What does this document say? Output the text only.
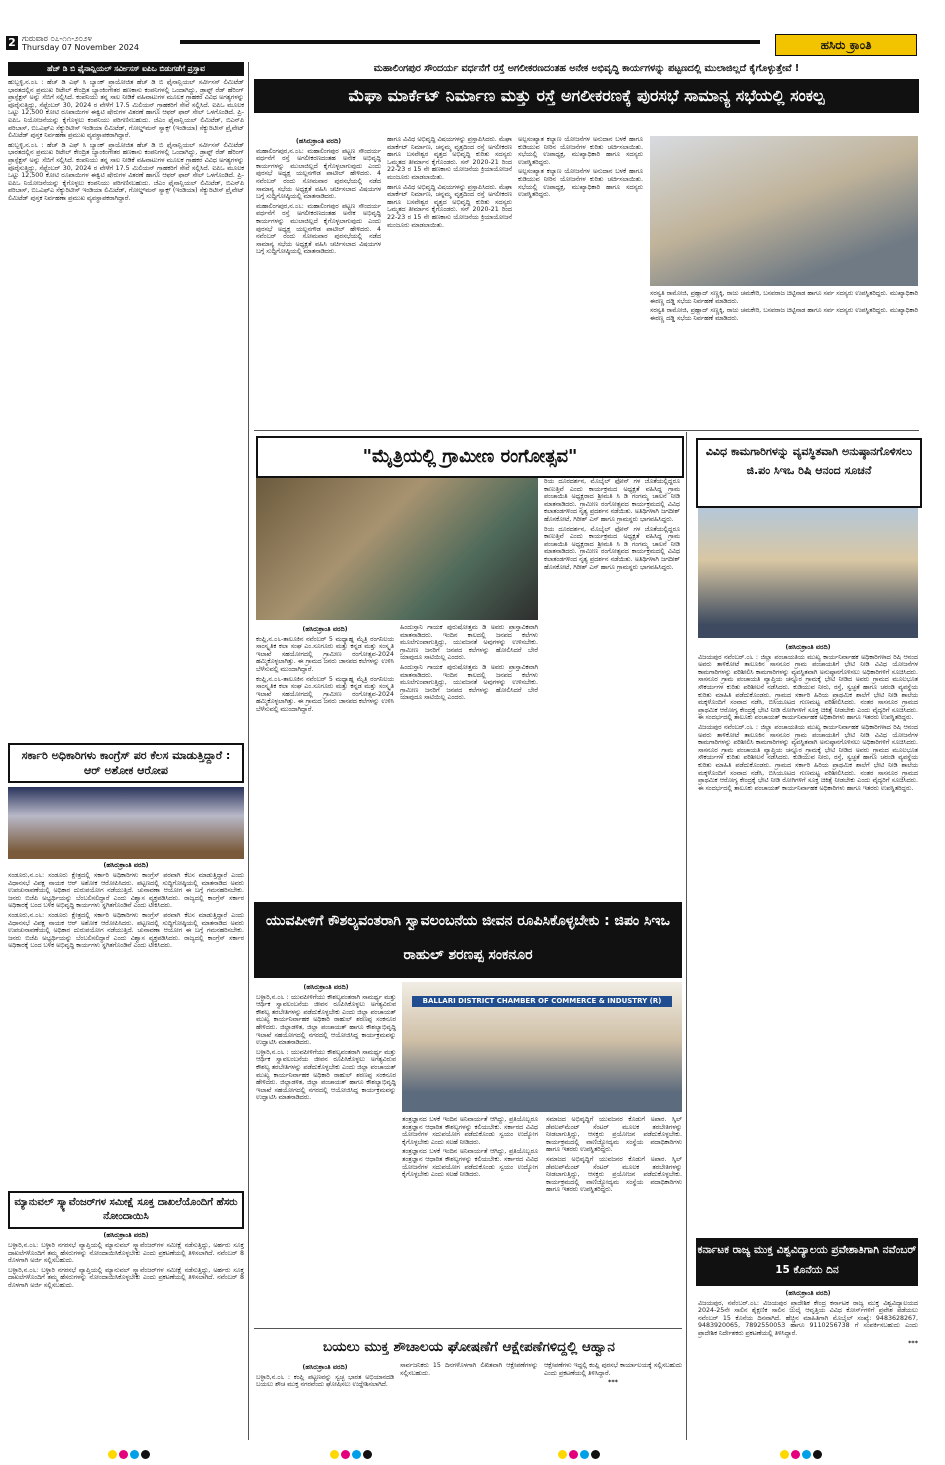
2 ಗುರುವಾರ ೦೭-೧೧-೨೦೨೪
Thursday 07 November 2024	ಹಸಿರು ಕ್ರಾಂತಿ
ಹೆಚ್ ಡಿ ಬಿ ಫೈನಾನ್ಷಿಯಲ್ ಸರ್ವೀಸಸ್ ಐಪಿಒ ಬಿಡುಗಡೆಗೆ ಪ್ರಸ್ತಾವ

ಹುಬ್ಬಳ್ಳಿ,ನ.೦೬ : ಹೆಚ್ ಡಿ ಎಫ್ ಸಿ ಬ್ಯಾಂಕ್ ಪ್ರಾಯೋಜಿತ ಹೆಚ್ ಡಿ ಬಿ ಫೈನಾನ್ಷಿಯಲ್ ಸರ್ವೀಸಸ್ ಲಿಮಿಟೆಡ್ ಭಾರತದಲ್ಲಿನ ಪ್ರಮುಖ ರಿಟೇಲ್ ಕೇಂದ್ರಿತ ಬ್ಯಾಂಕಿಂಗೇತರ ಹಣಕಾಸು ಕಂಪನಿಗಳಲ್ಲಿ ಒಂದಾಗಿದ್ದು, ಡ್ರಾಫ್ಟ್ ರೆಡ್ ಹೆರಿಂಗ್ ಪ್ರಾಸ್ಪೆಕ್ಟಸ್ ಅನ್ನು ಸೆಬಿಗೆ ಸಲ್ಲಿಸಿದೆ. ಕಂಪನಿಯು ತನ್ನ ಸಾಲ ನೀಡಿಕೆ ವಹಿವಾಟುಗಳ ಮೂಲಕ ಗ್ರಾಹಕರ ವಿವಿಧ ಅಗತ್ಯಗಳನ್ನು ಪೂರೈಸುತ್ತಿದ್ದು, ಸೆಪ್ಟೆಂಬರ್ 30, 2024 ರ ವೇಳೆಗೆ 17.5 ಮಿಲಿಯನ್ ಗ್ರಾಹಕರಿಗೆ ಸೇವೆ ಸಲ್ಲಿಸಿದೆ. ಐಪಿಒ ಮೂಲಕ ಒಟ್ಟು 12,500 ಕೋಟಿ ರೂಪಾಯಿಗಳ ಈಕ್ವಿಟಿ ಷೇರುಗಳ ವಿತರಣೆ ಹಾಗೂ ಆಫರ್ ಫಾರ್ ಸೇಲ್ ಒಳಗೊಂಡಿದೆ. ಪ್ರಿ-ಐಪಿಒ ನಿಯೋಜನೆಯನ್ನು ಕೈಗೊಳ್ಳಲು ಕಂಪನಿಯು ಪರಿಗಣಿಸಬಹುದು. ಜೆಎಂ ಫೈನಾನ್ಷಿಯಲ್ ಲಿಮಿಟೆಡ್, ಬಿಎನ್‌ಪಿ ಪರಿಬಾಸ್, ಬಿಒಎಫ್‌ಎ ಸೆಕ್ಯುರಿಟೀಸ್ ಇಂಡಿಯಾ ಲಿಮಿಟೆಡ್, ಗೋಲ್ಡ್‌ಮನ್ ಸ್ಯಾಕ್ಸ್ (ಇಂಡಿಯಾ) ಸೆಕ್ಯುರಿಟೀಸ್ ಪ್ರೈವೇಟ್ ಲಿಮಿಟೆಡ್ ಪುಸ್ತಕ ನಿರ್ವಹಣಾ ಪ್ರಮುಖ ವ್ಯವಸ್ಥಾಪಕರಾಗಿದ್ದಾರೆ.

ಹುಬ್ಬಳ್ಳಿ,ನ.೦೬ : ಹೆಚ್ ಡಿ ಎಫ್ ಸಿ ಬ್ಯಾಂಕ್ ಪ್ರಾಯೋಜಿತ ಹೆಚ್ ಡಿ ಬಿ ಫೈನಾನ್ಷಿಯಲ್ ಸರ್ವೀಸಸ್ ಲಿಮಿಟೆಡ್ ಭಾರತದಲ್ಲಿನ ಪ್ರಮುಖ ರಿಟೇಲ್ ಕೇಂದ್ರಿತ ಬ್ಯಾಂಕಿಂಗೇತರ ಹಣಕಾಸು ಕಂಪನಿಗಳಲ್ಲಿ ಒಂದಾಗಿದ್ದು, ಡ್ರಾಫ್ಟ್ ರೆಡ್ ಹೆರಿಂಗ್ ಪ್ರಾಸ್ಪೆಕ್ಟಸ್ ಅನ್ನು ಸೆಬಿಗೆ ಸಲ್ಲಿಸಿದೆ. ಕಂಪನಿಯು ತನ್ನ ಸಾಲ ನೀಡಿಕೆ ವಹಿವಾಟುಗಳ ಮೂಲಕ ಗ್ರಾಹಕರ ವಿವಿಧ ಅಗತ್ಯಗಳನ್ನು ಪೂರೈಸುತ್ತಿದ್ದು, ಸೆಪ್ಟೆಂಬರ್ 30, 2024 ರ ವೇಳೆಗೆ 17.5 ಮಿಲಿಯನ್ ಗ್ರಾಹಕರಿಗೆ ಸೇವೆ ಸಲ್ಲಿಸಿದೆ. ಐಪಿಒ ಮೂಲಕ ಒಟ್ಟು 12,500 ಕೋಟಿ ರೂಪಾಯಿಗಳ ಈಕ್ವಿಟಿ ಷೇರುಗಳ ವಿತರಣೆ ಹಾಗೂ ಆಫರ್ ಫಾರ್ ಸೇಲ್ ಒಳಗೊಂಡಿದೆ. ಪ್ರಿ-ಐಪಿಒ ನಿಯೋಜನೆಯನ್ನು ಕೈಗೊಳ್ಳಲು ಕಂಪನಿಯು ಪರಿಗಣಿಸಬಹುದು. ಜೆಎಂ ಫೈನಾನ್ಷಿಯಲ್ ಲಿಮಿಟೆಡ್, ಬಿಎನ್‌ಪಿ ಪರಿಬಾಸ್, ಬಿಒಎಫ್‌ಎ ಸೆಕ್ಯುರಿಟೀಸ್ ಇಂಡಿಯಾ ಲಿಮಿಟೆಡ್, ಗೋಲ್ಡ್‌ಮನ್ ಸ್ಯಾಕ್ಸ್ (ಇಂಡಿಯಾ) ಸೆಕ್ಯುರಿಟೀಸ್ ಪ್ರೈವೇಟ್ ಲಿಮಿಟೆಡ್ ಪುಸ್ತಕ ನಿರ್ವಹಣಾ ಪ್ರಮುಖ ವ್ಯವಸ್ಥಾಪಕರಾಗಿದ್ದಾರೆ.

ಸರ್ಕಾರಿ ಅಧಿಕಾರಿಗಳು ಕಾಂಗ್ರೆಸ್ ಪರ ಕೆಲಸ ಮಾಡುತ್ತಿದ್ದಾರೆ : ಆರ್ ಅಶೋಕ ಆರೋಪ
(ಹಸಿರುಕ್ರಾಂತಿ ವರದಿ)

ಸಂಡೂರು,ನ.೦೬: ಸಂಡೂರು ಕ್ಷೇತ್ರದಲ್ಲಿ ಸರ್ಕಾರಿ ಅಧಿಕಾರಿಗಳು ಕಾಂಗ್ರೆಸ್ ಪರವಾಗಿ ಕೆಲಸ ಮಾಡುತ್ತಿದ್ದಾರೆ ಎಂದು ವಿಧಾನಸಭೆ ವಿಪಕ್ಷ ನಾಯಕ ಆರ್ ಅಶೋಕ ಆರೋಪಿಸಿದರು. ಪಟ್ಟಣದಲ್ಲಿ ಸುದ್ದಿಗೋಷ್ಠಿಯಲ್ಲಿ ಮಾತನಾಡಿದ ಅವರು ಉಪಚುನಾವಣೆಯಲ್ಲಿ ಅಧಿಕಾರ ದುರುಪಯೋಗ ನಡೆಯುತ್ತಿದೆ. ಚುನಾವಣಾ ಆಯೋಗ ಈ ಬಗ್ಗೆ ಗಮನಹರಿಸಬೇಕು. ಜನರು ಬಿಜೆಪಿ ಅಭ್ಯರ್ಥಿಯನ್ನು ಬೆಂಬಲಿಸಲಿದ್ದಾರೆ ಎಂದು ವಿಶ್ವಾಸ ವ್ಯಕ್ತಪಡಿಸಿದರು. ರಾಜ್ಯದಲ್ಲಿ ಕಾಂಗ್ರೆಸ್ ಸರ್ಕಾರ ಅಧಿಕಾರಕ್ಕೆ ಬಂದ ಬಳಿಕ ಅಭಿವೃದ್ಧಿ ಕಾರ್ಯಗಳು ಸ್ಥಗಿತಗೊಂಡಿವೆ ಎಂದು ಟೀಕಿಸಿದರು.

ಸಂಡೂರು,ನ.೦೬: ಸಂಡೂರು ಕ್ಷೇತ್ರದಲ್ಲಿ ಸರ್ಕಾರಿ ಅಧಿಕಾರಿಗಳು ಕಾಂಗ್ರೆಸ್ ಪರವಾಗಿ ಕೆಲಸ ಮಾಡುತ್ತಿದ್ದಾರೆ ಎಂದು ವಿಧಾನಸಭೆ ವಿಪಕ್ಷ ನಾಯಕ ಆರ್ ಅಶೋಕ ಆರೋಪಿಸಿದರು. ಪಟ್ಟಣದಲ್ಲಿ ಸುದ್ದಿಗೋಷ್ಠಿಯಲ್ಲಿ ಮಾತನಾಡಿದ ಅವರು ಉಪಚುನಾವಣೆಯಲ್ಲಿ ಅಧಿಕಾರ ದುರುಪಯೋಗ ನಡೆಯುತ್ತಿದೆ. ಚುನಾವಣಾ ಆಯೋಗ ಈ ಬಗ್ಗೆ ಗಮನಹರಿಸಬೇಕು. ಜನರು ಬಿಜೆಪಿ ಅಭ್ಯರ್ಥಿಯನ್ನು ಬೆಂಬಲಿಸಲಿದ್ದಾರೆ ಎಂದು ವಿಶ್ವಾಸ ವ್ಯಕ್ತಪಡಿಸಿದರು. ರಾಜ್ಯದಲ್ಲಿ ಕಾಂಗ್ರೆಸ್ ಸರ್ಕಾರ ಅಧಿಕಾರಕ್ಕೆ ಬಂದ ಬಳಿಕ ಅಭಿವೃದ್ಧಿ ಕಾರ್ಯಗಳು ಸ್ಥಗಿತಗೊಂಡಿವೆ ಎಂದು ಟೀಕಿಸಿದರು.

ಮ್ಯಾನುವಲ್ ಸ್ಕ್ಯಾವೆಂಜರ್‌ಗಳ ಸಮೀಕ್ಷೆ ಸೂಕ್ತ ದಾಖಲೆಯೊಂದಿಗೆ ಹೆಸರು ನೋಂದಾಯಿಸಿ
(ಹಸಿರುಕ್ರಾಂತಿ ವರದಿ)

ಬಳ್ಳಾರಿ,ನ.೦೬: ಬಳ್ಳಾರಿ ನಗರಸಭೆ ವ್ಯಾಪ್ತಿಯಲ್ಲಿ ಮ್ಯಾನುವಲ್ ಸ್ಕ್ಯಾವೆಂಜರ್‌ಗಳ ಸಮೀಕ್ಷೆ ನಡೆಸುತ್ತಿದ್ದು, ಅರ್ಹರು ಸೂಕ್ತ ದಾಖಲೆಗಳೊಂದಿಗೆ ತಮ್ಮ ಹೆಸರುಗಳನ್ನು ನೋಂದಾಯಿಸಿಕೊಳ್ಳಬೇಕು ಎಂದು ಪ್ರಕಟಣೆಯಲ್ಲಿ ತಿಳಿಸಲಾಗಿದೆ. ನವೆಂಬರ್ 8 ರೊಳಗಾಗಿ ಅರ್ಜಿ ಸಲ್ಲಿಸಬಹುದು.

ಬಳ್ಳಾರಿ,ನ.೦೬: ಬಳ್ಳಾರಿ ನಗರಸಭೆ ವ್ಯಾಪ್ತಿಯಲ್ಲಿ ಮ್ಯಾನುವಲ್ ಸ್ಕ್ಯಾವೆಂಜರ್‌ಗಳ ಸಮೀಕ್ಷೆ ನಡೆಸುತ್ತಿದ್ದು, ಅರ್ಹರು ಸೂಕ್ತ ದಾಖಲೆಗಳೊಂದಿಗೆ ತಮ್ಮ ಹೆಸರುಗಳನ್ನು ನೋಂದಾಯಿಸಿಕೊಳ್ಳಬೇಕು ಎಂದು ಪ್ರಕಟಣೆಯಲ್ಲಿ ತಿಳಿಸಲಾಗಿದೆ. ನವೆಂಬರ್ 8 ರೊಳಗಾಗಿ ಅರ್ಜಿ ಸಲ್ಲಿಸಬಹುದು.

ಮಹಾಲಿಂಗಪುರ ಸೌಂದರ್ಯ ವರ್ಧನೆಗೆ ರಸ್ತೆ ಅಗಲೀಕರಣದಂತಹ ಅನೇಕ ಅಭಿವೃದ್ಧಿ ಕಾರ್ಯಗಳನ್ನು ಪಟ್ಟಣದಲ್ಲಿ ಮುಲಾಜಿಲ್ಲದೆ ಕೈಗೊಳ್ಳುತ್ತೇವೆ !
ಮೆಘಾ ಮಾರ್ಕೆಟ್ ನಿರ್ಮಾಣ ಮತ್ತು ರಸ್ತೆ ಅಗಲೀಕರಣಕ್ಕೆ ಪುರಸಭೆ ಸಾಮಾನ್ಯ ಸಭೆಯಲ್ಲಿ ಸಂಕಲ್ಪ
(ಹಸಿರುಕ್ರಾಂತಿ ವರದಿ)

ಮಹಾಲಿಂಗಪುರ,ನ.೦೬: ಮಹಾಲಿಂಗಪುರ ಪಟ್ಟಣ ಸೌಂದರ್ಯ ವರ್ಧನೆಗೆ ರಸ್ತೆ ಅಗಲೀಕರಣದಂತಹ ಅನೇಕ ಅಭಿವೃದ್ಧಿ ಕಾರ್ಯಗಳನ್ನು ಮುಲಾಜಿಲ್ಲದೆ ಕೈಗೊಳ್ಳಲಾಗುವುದು ಎಂದು ಪುರಸಭೆ ಅಧ್ಯಕ್ಷ ಯಲ್ಲನಗೌಡ ಪಾಟೀಲ್ ಹೇಳಿದರು. 4 ನವೆಂಬರ್ ರಂದು ಸೋಮವಾರ ಪುರಸಭೆಯಲ್ಲಿ ನಡೆದ ಸಾಮಾನ್ಯ ಸಭೆಯ ಅಧ್ಯಕ್ಷತೆ ವಹಿಸಿ ಚರ್ಚಿಸಲಾದ ವಿಷಯಗಳ ಬಗ್ಗೆ ಸುದ್ದಿಗೋಷ್ಠಿಯಲ್ಲಿ ಮಾತನಾಡಿದರು.

ಮಹಾಲಿಂಗಪುರ,ನ.೦೬: ಮಹಾಲಿಂಗಪುರ ಪಟ್ಟಣ ಸೌಂದರ್ಯ ವರ್ಧನೆಗೆ ರಸ್ತೆ ಅಗಲೀಕರಣದಂತಹ ಅನೇಕ ಅಭಿವೃದ್ಧಿ ಕಾರ್ಯಗಳನ್ನು ಮುಲಾಜಿಲ್ಲದೆ ಕೈಗೊಳ್ಳಲಾಗುವುದು ಎಂದು ಪುರಸಭೆ ಅಧ್ಯಕ್ಷ ಯಲ್ಲನಗೌಡ ಪಾಟೀಲ್ ಹೇಳಿದರು. 4 ನವೆಂಬರ್ ರಂದು ಸೋಮವಾರ ಪುರಸಭೆಯಲ್ಲಿ ನಡೆದ ಸಾಮಾನ್ಯ ಸಭೆಯ ಅಧ್ಯಕ್ಷತೆ ವಹಿಸಿ ಚರ್ಚಿಸಲಾದ ವಿಷಯಗಳ ಬಗ್ಗೆ ಸುದ್ದಿಗೋಷ್ಠಿಯಲ್ಲಿ ಮಾತನಾಡಿದರು.

ಹಾಗೂ ವಿವಿಧ ಅಭಿವೃದ್ಧಿ ವಿಷಯಗಳನ್ನು ಪ್ರಸ್ತಾಪಿಸಿದರು. ಮೆಘಾ ಮಾರ್ಕೆಟ್ ನಿರ್ಮಾಣ, ಚನ್ನಮ್ಮ ವೃತ್ತದಿಂದ ರಸ್ತೆ ಅಗಲೀಕರಣ ಹಾಗೂ ಬಸವೇಶ್ವರ ವೃತ್ತದ ಅಭಿವೃದ್ಧಿ ಕುರಿತು ಸದಸ್ಯರು ಒಮ್ಮತದ ತೀರ್ಮಾನ ಕೈಗೊಂಡರು. ಸನ್ 2020-21 ರಿಂದ 22-23 ರ 15 ನೇ ಹಣಕಾಸು ಯೋಜನೆಯ ಕ್ರಿಯಾಯೋಜನೆ ಮಂಜೂರು ಮಾಡಲಾಯಿತು.

ಹಾಗೂ ವಿವಿಧ ಅಭಿವೃದ್ಧಿ ವಿಷಯಗಳನ್ನು ಪ್ರಸ್ತಾಪಿಸಿದರು. ಮೆಘಾ ಮಾರ್ಕೆಟ್ ನಿರ್ಮಾಣ, ಚನ್ನಮ್ಮ ವೃತ್ತದಿಂದ ರಸ್ತೆ ಅಗಲೀಕರಣ ಹಾಗೂ ಬಸವೇಶ್ವರ ವೃತ್ತದ ಅಭಿವೃದ್ಧಿ ಕುರಿತು ಸದಸ್ಯರು ಒಮ್ಮತದ ತೀರ್ಮಾನ ಕೈಗೊಂಡರು. ಸನ್ 2020-21 ರಿಂದ 22-23 ರ 15 ನೇ ಹಣಕಾಸು ಯೋಜನೆಯ ಕ್ರಿಯಾಯೋಜನೆ ಮಂಜೂರು ಮಾಡಲಾಯಿತು.

ಅಲ್ಪಸಂಖ್ಯಾತ ಕಲ್ಯಾಣ ಯೋಜನೆಗಳ ಅನುದಾನ ಬಳಕೆ ಹಾಗೂ ಕುಡಿಯುವ ನೀರಿನ ಯೋಜನೆಗಳ ಕುರಿತು ಚರ್ಚಿಸಲಾಯಿತು. ಸಭೆಯಲ್ಲಿ ಉಪಾಧ್ಯಕ್ಷ, ಮುಖ್ಯಾಧಿಕಾರಿ ಹಾಗೂ ಸದಸ್ಯರು ಉಪಸ್ಥಿತರಿದ್ದರು.

ಅಲ್ಪಸಂಖ್ಯಾತ ಕಲ್ಯಾಣ ಯೋಜನೆಗಳ ಅನುದಾನ ಬಳಕೆ ಹಾಗೂ ಕುಡಿಯುವ ನೀರಿನ ಯೋಜನೆಗಳ ಕುರಿತು ಚರ್ಚಿಸಲಾಯಿತು. ಸಭೆಯಲ್ಲಿ ಉಪಾಧ್ಯಕ್ಷ, ಮುಖ್ಯಾಧಿಕಾರಿ ಹಾಗೂ ಸದಸ್ಯರು ಉಪಸ್ಥಿತರಿದ್ದರು.

ಸರಸ್ವತಿ ರಾಮೋಜಿ, ಪ್ರಹ್ಲಾದ್ ಸಣ್ಣಕ್ಕಿ, ರಾಜು ಚಮಕೇರಿ, ಬಸವರಾಜ ಚಿಟ್ಟಿನಾಡ ಹಾಗೂ ಸರ್ವ ಸದಸ್ಯರು ಉಪಸ್ಥಿತರಿದ್ದರು. ಮುಖ್ಯಾಧಿಕಾರಿ ಈರಣ್ಣ ದಡ್ಡಿ ಸಭೆಯ ನಿರ್ವಹಣೆ ಮಾಡಿದರು.

ಸರಸ್ವತಿ ರಾಮೋಜಿ, ಪ್ರಹ್ಲಾದ್ ಸಣ್ಣಕ್ಕಿ, ರಾಜು ಚಮಕೇರಿ, ಬಸವರಾಜ ಚಿಟ್ಟಿನಾಡ ಹಾಗೂ ಸರ್ವ ಸದಸ್ಯರು ಉಪಸ್ಥಿತರಿದ್ದರು. ಮುಖ್ಯಾಧಿಕಾರಿ ಈರಣ್ಣ ದಡ್ಡಿ ಸಭೆಯ ನಿರ್ವಹಣೆ ಮಾಡಿದರು.

"ಮೈತ್ರಿಯಲ್ಲಿ ಗ್ರಾಮೀಣ ರಂಗೋತ್ಸವ"

ರಿಯ ದೂರದರ್ಶನ, ಮೊಬೈಲ್ ಫೋನ್ ಗಳ ಜೊತೆಯಲ್ಲಿದ್ದರೂ ಕಾಣುತ್ತಿವೆ ಎಂದು ಕಾರ್ಯಕ್ರಮದ ಅಧ್ಯಕ್ಷತೆ ವಹಿಸಿದ್ದ ಗ್ರಾಮ ಪಂಚಾಯಿತಿ ಅಧ್ಯಕ್ಷರಾದ ಶ್ರೀಮತಿ ಸಿ ಡಿ ಗಂಗಮ್ಮ ಚಾಲನೆ ನೀಡಿ ಮಾತನಾಡಿದರು. ಗ್ರಾಮೀಣ ರಂಗೋತ್ಸವದ ಕಾರ್ಯಕ್ರಮದಲ್ಲಿ ವಿವಿಧ ಕಲಾತಂಡಗಳಿಂದ ನೃತ್ಯ ಪ್ರದರ್ಶನ ನಡೆಯಿತು. ಅತಿಥಿಗಳಾಗಿ ಜಗದೀಶ್ ಹೊಸಕೋಟೆ, ಗಿರೀಶ್ ಎಸ್ ಹಾಗೂ ಗ್ರಾಮಸ್ಥರು ಭಾಗವಹಿಸಿದ್ದರು.

ರಿಯ ದೂರದರ್ಶನ, ಮೊಬೈಲ್ ಫೋನ್ ಗಳ ಜೊತೆಯಲ್ಲಿದ್ದರೂ ಕಾಣುತ್ತಿವೆ ಎಂದು ಕಾರ್ಯಕ್ರಮದ ಅಧ್ಯಕ್ಷತೆ ವಹಿಸಿದ್ದ ಗ್ರಾಮ ಪಂಚಾಯಿತಿ ಅಧ್ಯಕ್ಷರಾದ ಶ್ರೀಮತಿ ಸಿ ಡಿ ಗಂಗಮ್ಮ ಚಾಲನೆ ನೀಡಿ ಮಾತನಾಡಿದರು. ಗ್ರಾಮೀಣ ರಂಗೋತ್ಸವದ ಕಾರ್ಯಕ್ರಮದಲ್ಲಿ ವಿವಿಧ ಕಲಾತಂಡಗಳಿಂದ ನೃತ್ಯ ಪ್ರದರ್ಶನ ನಡೆಯಿತು. ಅತಿಥಿಗಳಾಗಿ ಜಗದೀಶ್ ಹೊಸಕೋಟೆ, ಗಿರೀಶ್ ಎಸ್ ಹಾಗೂ ಗ್ರಾಮಸ್ಥರು ಭಾಗವಹಿಸಿದ್ದರು.

(ಹಸಿರುಕ್ರಾಂತಿ ವರದಿ)

ಕಂಪ್ಲಿ,ನ.೦೬-ತಾಲೂಕಿನ ನವೆಂಬರ್ 5 ಮಧ್ಯಾಹ್ನ ಮೈತ್ರಿ ರಂಗನಿಲಯ ಸಾಂಸ್ಕೃತಿಕ ಕಲಾ ಸಂಘ ಎಂ.ಸೂಗೂರು ಮತ್ತು ಕನ್ನಡ ಮತ್ತು ಸಂಸ್ಕೃತಿ ಇಲಾಖೆ ಸಹಯೋಗದಲ್ಲಿ ಗ್ರಾಮೀಣ ರಂಗೋತ್ಸವ-2024 ಹಮ್ಮಿಕೊಳ್ಳಲಾಗಿತ್ತು. ಈ ಗ್ರಾಮದ ಜನರು ಜಾನಪದ ಕಲೆಗಳನ್ನು ಉಳಿಸಿ ಬೆಳೆಸುವಲ್ಲಿ ಮುಂದಾಗಿದ್ದಾರೆ.

ಕಂಪ್ಲಿ,ನ.೦೬-ತಾಲೂಕಿನ ನವೆಂಬರ್ 5 ಮಧ್ಯಾಹ್ನ ಮೈತ್ರಿ ರಂಗನಿಲಯ ಸಾಂಸ್ಕೃತಿಕ ಕಲಾ ಸಂಘ ಎಂ.ಸೂಗೂರು ಮತ್ತು ಕನ್ನಡ ಮತ್ತು ಸಂಸ್ಕೃತಿ ಇಲಾಖೆ ಸಹಯೋಗದಲ್ಲಿ ಗ್ರಾಮೀಣ ರಂಗೋತ್ಸವ-2024 ಹಮ್ಮಿಕೊಳ್ಳಲಾಗಿತ್ತು. ಈ ಗ್ರಾಮದ ಜನರು ಜಾನಪದ ಕಲೆಗಳನ್ನು ಉಳಿಸಿ ಬೆಳೆಸುವಲ್ಲಿ ಮುಂದಾಗಿದ್ದಾರೆ.

ಹಿಂದುಸ್ತಾನಿ ಗಾಯಕ ಪುರುಷೋತ್ತಮ ಡಿ ಅವರು ಪ್ರಾಸ್ತಾವಿಕವಾಗಿ ಮಾತನಾಡಿದರು. ಇಂದಿನ ಕಾಲದಲ್ಲಿ ಜನಪದ ಕಲೆಗಳು ಮೂಲೆಗುಂಪಾಗುತ್ತಿದ್ದು, ಯುವಜನತೆ ಅವುಗಳನ್ನು ಉಳಿಸಬೇಕು. ಗ್ರಾಮೀಣ ಜನರಿಗೆ ಜನಪದ ಕಲೆಗಳನ್ನು ಹೋಲಿಸಿದರೆ ಬೇರೆ ಯಾವುದೂ ಸಾಟಿಯಿಲ್ಲ ಎಂದರು.

ಹಿಂದುಸ್ತಾನಿ ಗಾಯಕ ಪುರುಷೋತ್ತಮ ಡಿ ಅವರು ಪ್ರಾಸ್ತಾವಿಕವಾಗಿ ಮಾತನಾಡಿದರು. ಇಂದಿನ ಕಾಲದಲ್ಲಿ ಜನಪದ ಕಲೆಗಳು ಮೂಲೆಗುಂಪಾಗುತ್ತಿದ್ದು, ಯುವಜನತೆ ಅವುಗಳನ್ನು ಉಳಿಸಬೇಕು. ಗ್ರಾಮೀಣ ಜನರಿಗೆ ಜನಪದ ಕಲೆಗಳನ್ನು ಹೋಲಿಸಿದರೆ ಬೇರೆ ಯಾವುದೂ ಸಾಟಿಯಿಲ್ಲ ಎಂದರು.

ಯುವಪೀಳಿಗೆ ಕೌಶಲ್ಯವಂತರಾಗಿ ಸ್ವಾವಲಂಬನೆಯ ಜೀವನ ರೂಪಿಸಿಕೊಳ್ಳಬೇಕು : ಜಿಪಂ ಸಿಇಒ ರಾಹುಲ್ ಶರಣಪ್ಪ ಸಂಕನೂರ
(ಹಸಿರುಕ್ರಾಂತಿ ವರದಿ)

ಬಳ್ಳಾರಿ,ನ.೦೬ : ಯುವಪೀಳಿಗೆಯು ಕೌಶಲ್ಯವಂತರಾಗಿ ಸಾಮರ್ಥ್ಯ ಮತ್ತು ಆರ್ಥಿಕ ಸ್ವಾವಲಂಬನೆಯ ಜೀವನ ರೂಪಿಸಿಕೊಳ್ಳಲು ಅಗತ್ಯವಿರುವ ಕೌಶಲ್ಯ ತರಬೇತಿಗಳನ್ನು ಪಡೆದುಕೊಳ್ಳಬೇಕು ಎಂದು ಜಿಲ್ಲಾ ಪಂಚಾಯತ್ ಮುಖ್ಯ ಕಾರ್ಯನಿರ್ವಾಹಕ ಅಧಿಕಾರಿ ರಾಹುಲ್ ಶರಣಪ್ಪ ಸಂಕನೂರ ಹೇಳಿದರು. ಜಿಲ್ಲಾಡಳಿತ, ಜಿಲ್ಲಾ ಪಂಚಾಯತ್ ಹಾಗೂ ಕೌಶಲ್ಯಾಭಿವೃದ್ಧಿ ಇಲಾಖೆ ಸಹಯೋಗದಲ್ಲಿ ನಗರದಲ್ಲಿ ಆಯೋಜಿಸಿದ್ದ ಕಾರ್ಯಕ್ರಮವನ್ನು ಉದ್ಘಾಟಿಸಿ ಮಾತನಾಡಿದರು.

ಬಳ್ಳಾರಿ,ನ.೦೬ : ಯುವಪೀಳಿಗೆಯು ಕೌಶಲ್ಯವಂತರಾಗಿ ಸಾಮರ್ಥ್ಯ ಮತ್ತು ಆರ್ಥಿಕ ಸ್ವಾವಲಂಬನೆಯ ಜೀವನ ರೂಪಿಸಿಕೊಳ್ಳಲು ಅಗತ್ಯವಿರುವ ಕೌಶಲ್ಯ ತರಬೇತಿಗಳನ್ನು ಪಡೆದುಕೊಳ್ಳಬೇಕು ಎಂದು ಜಿಲ್ಲಾ ಪಂಚಾಯತ್ ಮುಖ್ಯ ಕಾರ್ಯನಿರ್ವಾಹಕ ಅಧಿಕಾರಿ ರಾಹುಲ್ ಶರಣಪ್ಪ ಸಂಕನೂರ ಹೇಳಿದರು. ಜಿಲ್ಲಾಡಳಿತ, ಜಿಲ್ಲಾ ಪಂಚಾಯತ್ ಹಾಗೂ ಕೌಶಲ್ಯಾಭಿವೃದ್ಧಿ ಇಲಾಖೆ ಸಹಯೋಗದಲ್ಲಿ ನಗರದಲ್ಲಿ ಆಯೋಜಿಸಿದ್ದ ಕಾರ್ಯಕ್ರಮವನ್ನು ಉದ್ಘಾಟಿಸಿ ಮಾತನಾಡಿದರು.

BALLARI DISTRICT CHAMBER OF COMMERCE & INDUSTRY (R)

ತಂತ್ರಜ್ಞಾನದ ಬಳಕೆ ಇಂದಿನ ಅನಿವಾರ್ಯತೆ ಆಗಿದ್ದು, ಪ್ರತಿಯೊಬ್ಬರೂ ತಂತ್ರಜ್ಞಾನ ಆಧಾರಿತ ಕೌಶಲ್ಯಗಳನ್ನು ಕಲಿಯಬೇಕು. ಸರ್ಕಾರದ ವಿವಿಧ ಯೋಜನೆಗಳ ಸದುಪಯೋಗ ಪಡೆದುಕೊಂಡು ಸ್ವಯಂ ಉದ್ಯೋಗ ಕೈಗೊಳ್ಳಬೇಕು ಎಂದು ಸಲಹೆ ನೀಡಿದರು.

ತಂತ್ರಜ್ಞಾನದ ಬಳಕೆ ಇಂದಿನ ಅನಿವಾರ್ಯತೆ ಆಗಿದ್ದು, ಪ್ರತಿಯೊಬ್ಬರೂ ತಂತ್ರಜ್ಞಾನ ಆಧಾರಿತ ಕೌಶಲ್ಯಗಳನ್ನು ಕಲಿಯಬೇಕು. ಸರ್ಕಾರದ ವಿವಿಧ ಯೋಜನೆಗಳ ಸದುಪಯೋಗ ಪಡೆದುಕೊಂಡು ಸ್ವಯಂ ಉದ್ಯೋಗ ಕೈಗೊಳ್ಳಬೇಕು ಎಂದು ಸಲಹೆ ನೀಡಿದರು.

ಸಮಾಜದ ಅಭಿವೃದ್ಧಿಗೆ ಯುವಜನರ ಕೊಡುಗೆ ಅಪಾರ. ಸ್ಕಿಲ್ ಡೆವಲಪ್‌ಮೆಂಟ್ ಸೆಂಟರ್ ಮೂಲಕ ತರಬೇತಿಗಳನ್ನು ನೀಡಲಾಗುತ್ತಿದ್ದು, ಆಸಕ್ತರು ಪ್ರಯೋಜನ ಪಡೆದುಕೊಳ್ಳಬೇಕು. ಕಾರ್ಯಕ್ರಮದಲ್ಲಿ ವಾಣಿಜ್ಯೋದ್ಯಮ ಸಂಸ್ಥೆಯ ಪದಾಧಿಕಾರಿಗಳು ಹಾಗೂ ಇತರರು ಉಪಸ್ಥಿತರಿದ್ದರು.

ಸಮಾಜದ ಅಭಿವೃದ್ಧಿಗೆ ಯುವಜನರ ಕೊಡುಗೆ ಅಪಾರ. ಸ್ಕಿಲ್ ಡೆವಲಪ್‌ಮೆಂಟ್ ಸೆಂಟರ್ ಮೂಲಕ ತರಬೇತಿಗಳನ್ನು ನೀಡಲಾಗುತ್ತಿದ್ದು, ಆಸಕ್ತರು ಪ್ರಯೋಜನ ಪಡೆದುಕೊಳ್ಳಬೇಕು. ಕಾರ್ಯಕ್ರಮದಲ್ಲಿ ವಾಣಿಜ್ಯೋದ್ಯಮ ಸಂಸ್ಥೆಯ ಪದಾಧಿಕಾರಿಗಳು ಹಾಗೂ ಇತರರು ಉಪಸ್ಥಿತರಿದ್ದರು.

ಬಯಲು ಮುಕ್ತ ಶೌಚಾಲಯ ಘೋಷಣೆಗೆ ಆಕ್ಷೇಪಣೆಗಳಿದ್ದಲ್ಲಿ ಆಹ್ವಾನ
(ಹಸಿರುಕ್ರಾಂತಿ ವರದಿ)

ಬಳ್ಳಾರಿ,ನ.೦೬ : ಕಂಪ್ಲಿ ಪಟ್ಟಣವನ್ನು ಸ್ವಚ್ಛ ಭಾರತ ಅಭಿಯಾನದಡಿ ಬಯಲು ಶೌಚ ಮುಕ್ತ ನಗರವೆಂದು ಘೋಷಿಸಲು ಉದ್ದೇಶಿಸಲಾಗಿದೆ.

ಸಾರ್ವಜನಿಕರು 15 ದಿನಗಳೊಳಗಾಗಿ ಲಿಖಿತವಾಗಿ ಆಕ್ಷೇಪಣೆಗಳನ್ನು ಸಲ್ಲಿಸಬಹುದು.

ಆಕ್ಷೇಪಣೆಗಳು ಇದ್ದಲ್ಲಿ ಕಂಪ್ಲಿ ಪುರಸಭೆ ಕಾರ್ಯಾಲಯಕ್ಕೆ ಸಲ್ಲಿಸಬಹುದು ಎಂದು ಪ್ರಕಟಣೆಯಲ್ಲಿ ತಿಳಿಸಿದ್ದಾರೆ.

***
ವಿವಿಧ ಕಾಮಗಾರಿಗಳನ್ನು ವ್ಯವಸ್ಥಿತವಾಗಿ ಅನುಷ್ಠಾನಗೊಳಿಸಲು ಜಿ.ಪಂ ಸಿಇಒ ರಿಷಿ ಆನಂದ ಸೂಚನೆ
(ಹಸಿರುಕ್ರಾಂತಿ ವರದಿ)

ವಿಜಯಪುರ ನವೆಂಬರ್.೦೬ : ಜಿಲ್ಲಾ ಪಂಚಾಯತಿಯ ಮುಖ್ಯ ಕಾರ್ಯನಿರ್ವಾಹಕ ಅಧಿಕಾರಿಗಳಾದ ರಿಷಿ ಆನಂದ ಅವರು ತಾಳಿಕೋಟೆ ತಾಲೂಕಿನ ಸಾಸನೂರ ಗ್ರಾಮ ಪಂಚಾಯತಿಗೆ ಭೇಟಿ ನೀಡಿ ವಿವಿಧ ಯೋಜನೆಗಳ ಕಾಮಗಾರಿಗಳನ್ನು ಪರಿಶೀಲಿಸಿ ಕಾಮಗಾರಿಗಳನ್ನು ವ್ಯವಸ್ಥಿತವಾಗಿ ಅನುಷ್ಠಾನಗೊಳಿಸಲು ಅಧಿಕಾರಿಗಳಿಗೆ ಸೂಚಿಸಿದರು. ಸಾಸನೂರ ಗ್ರಾಮ ಪಂಚಾಯತಿ ವ್ಯಾಪ್ತಿಯ ಚನ್ನೂರ ಗ್ರಾಮಕ್ಕೆ ಭೇಟಿ ನೀಡಿದ ಅವರು ಗ್ರಾಮದ ಮೂಲಭೂತ ಸೌಕರ್ಯಗಳ ಕುರಿತು ಪರಿಶೀಲನೆ ನಡೆಸಿದರು. ಕುಡಿಯುವ ನೀರು, ರಸ್ತೆ, ಸ್ವಚ್ಛತೆ ಹಾಗೂ ಚರಂಡಿ ವ್ಯವಸ್ಥೆಯ ಕುರಿತು ಮಾಹಿತಿ ಪಡೆದುಕೊಂಡರು. ಗ್ರಾಮದ ಸರ್ಕಾರಿ ಹಿರಿಯ ಪ್ರಾಥಮಿಕ ಶಾಲೆಗೆ ಭೇಟಿ ನೀಡಿ ಶಾಲೆಯ ಮಕ್ಕಳೊಂದಿಗೆ ಸಂವಾದ ನಡೆಸಿ, ಬಿಸಿಯೂಟದ ಗುಣಮಟ್ಟ ಪರಿಶೀಲಿಸಿದರು. ನಂತರ ಸಾಸನೂರ ಗ್ರಾಮದ ಪ್ರಾಥಮಿಕ ಆರೋಗ್ಯ ಕೇಂದ್ರಕ್ಕೆ ಭೇಟಿ ನೀಡಿ ರೋಗಿಗಳಿಗೆ ಸೂಕ್ತ ಚಿಕಿತ್ಸೆ ನೀಡಬೇಕು ಎಂದು ವೈದ್ಯರಿಗೆ ಸೂಚಿಸಿದರು. ಈ ಸಂದರ್ಭದಲ್ಲಿ ತಾಲೂಕು ಪಂಚಾಯತ್ ಕಾರ್ಯನಿರ್ವಾಹಕ ಅಧಿಕಾರಿಗಳು ಹಾಗೂ ಇತರರು ಉಪಸ್ಥಿತರಿದ್ದರು.

ವಿಜಯಪುರ ನವೆಂಬರ್.೦೬ : ಜಿಲ್ಲಾ ಪಂಚಾಯತಿಯ ಮುಖ್ಯ ಕಾರ್ಯನಿರ್ವಾಹಕ ಅಧಿಕಾರಿಗಳಾದ ರಿಷಿ ಆನಂದ ಅವರು ತಾಳಿಕೋಟೆ ತಾಲೂಕಿನ ಸಾಸನೂರ ಗ್ರಾಮ ಪಂಚಾಯತಿಗೆ ಭೇಟಿ ನೀಡಿ ವಿವಿಧ ಯೋಜನೆಗಳ ಕಾಮಗಾರಿಗಳನ್ನು ಪರಿಶೀಲಿಸಿ ಕಾಮಗಾರಿಗಳನ್ನು ವ್ಯವಸ್ಥಿತವಾಗಿ ಅನುಷ್ಠಾನಗೊಳಿಸಲು ಅಧಿಕಾರಿಗಳಿಗೆ ಸೂಚಿಸಿದರು. ಸಾಸನೂರ ಗ್ರಾಮ ಪಂಚಾಯತಿ ವ್ಯಾಪ್ತಿಯ ಚನ್ನೂರ ಗ್ರಾಮಕ್ಕೆ ಭೇಟಿ ನೀಡಿದ ಅವರು ಗ್ರಾಮದ ಮೂಲಭೂತ ಸೌಕರ್ಯಗಳ ಕುರಿತು ಪರಿಶೀಲನೆ ನಡೆಸಿದರು. ಕುಡಿಯುವ ನೀರು, ರಸ್ತೆ, ಸ್ವಚ್ಛತೆ ಹಾಗೂ ಚರಂಡಿ ವ್ಯವಸ್ಥೆಯ ಕುರಿತು ಮಾಹಿತಿ ಪಡೆದುಕೊಂಡರು. ಗ್ರಾಮದ ಸರ್ಕಾರಿ ಹಿರಿಯ ಪ್ರಾಥಮಿಕ ಶಾಲೆಗೆ ಭೇಟಿ ನೀಡಿ ಶಾಲೆಯ ಮಕ್ಕಳೊಂದಿಗೆ ಸಂವಾದ ನಡೆಸಿ, ಬಿಸಿಯೂಟದ ಗುಣಮಟ್ಟ ಪರಿಶೀಲಿಸಿದರು. ನಂತರ ಸಾಸನೂರ ಗ್ರಾಮದ ಪ್ರಾಥಮಿಕ ಆರೋಗ್ಯ ಕೇಂದ್ರಕ್ಕೆ ಭೇಟಿ ನೀಡಿ ರೋಗಿಗಳಿಗೆ ಸೂಕ್ತ ಚಿಕಿತ್ಸೆ ನೀಡಬೇಕು ಎಂದು ವೈದ್ಯರಿಗೆ ಸೂಚಿಸಿದರು. ಈ ಸಂದರ್ಭದಲ್ಲಿ ತಾಲೂಕು ಪಂಚಾಯತ್ ಕಾರ್ಯನಿರ್ವಾಹಕ ಅಧಿಕಾರಿಗಳು ಹಾಗೂ ಇತರರು ಉಪಸ್ಥಿತರಿದ್ದರು.

ಕರ್ನಾಟಕ ರಾಜ್ಯ ಮುಕ್ತ ವಿಶ್ವವಿದ್ಯಾಲಯ ಪ್ರವೇಶಾತಿಗಾಗಿ ನವೆಂಬರ್ 15 ಕೊನೆಯ ದಿನ
(ಹಸಿರುಕ್ರಾಂತಿ ವರದಿ)

ವಿಜಯಪುರ, ನವೆಂಬರ್.೦೬: ವಿಜಯಪುರ ಪ್ರಾದೇಶಿಕ ಕೇಂದ್ರ ಕರ್ನಾಟಕ ರಾಜ್ಯ ಮುಕ್ತ ವಿಶ್ವವಿದ್ಯಾಲಯದ 2024-25ನೇ ಸಾಲಿನ ಶೈಕ್ಷಣಿಕ ಸಾಲಿನ ಜುಲೈ ಆವೃತ್ತಿಯ ವಿವಿಧ ಕೋರ್ಸ್‌ಗಳಿಗೆ ಪ್ರವೇಶ ಪಡೆಯಲು ನವೆಂಬರ್ 15 ಕೊನೆಯ ದಿನವಾಗಿದೆ. ಹೆಚ್ಚಿನ ಮಾಹಿತಿಗಾಗಿ ಮೊಬೈಲ್ ಸಂಖ್ಯೆ: 9483628267, 9483920065, 7892550053 ಹಾಗೂ 9110256738 ಗೆ ಸಂಪರ್ಕಿಸಬಹುದು ಎಂದು ಪ್ರಾದೇಶಿಕ ನಿರ್ದೇಶಕರು ಪ್ರಕಟಣೆಯಲ್ಲಿ ತಿಳಿಸಿದ್ದಾರೆ.

***
